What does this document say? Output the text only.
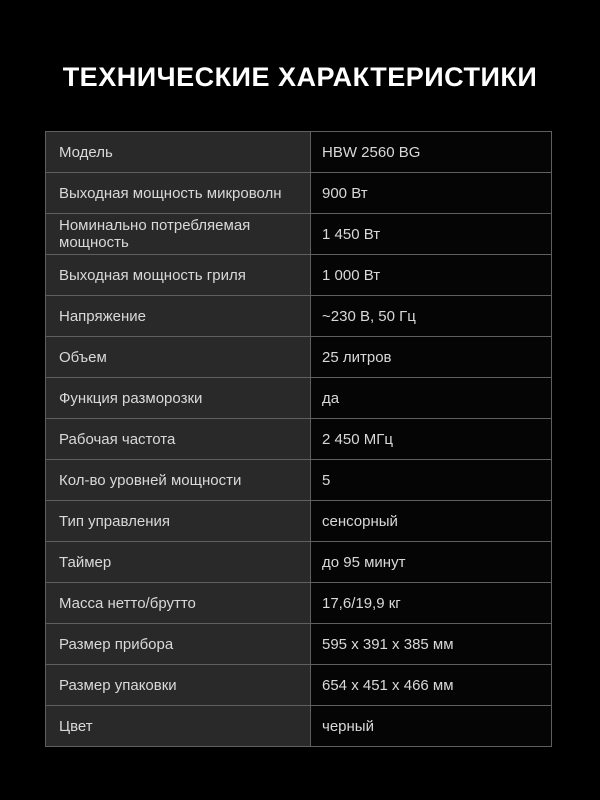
ТЕХНИЧЕСКИЕ ХАРАКТЕРИСТИКИ
Модель	HBW 2560 BG
Выходная мощность микроволн	900 Вт
Номинально потребляемая мощность	1 450 Вт
Выходная мощность гриля	1 000 Вт
Напряжение	~230 В, 50 Гц
Объем	25 литров
Функция разморозки	да
Рабочая частота	2 450 МГц
Кол-во уровней мощности	5
Тип управления	сенсорный
Таймер	до 95 минут
Масса нетто/брутто	17,6/19,9 кг
Размер прибора	595 х 391 х 385 мм
Размер упаковки	654 х 451 х 466 мм
Цвет	черный
